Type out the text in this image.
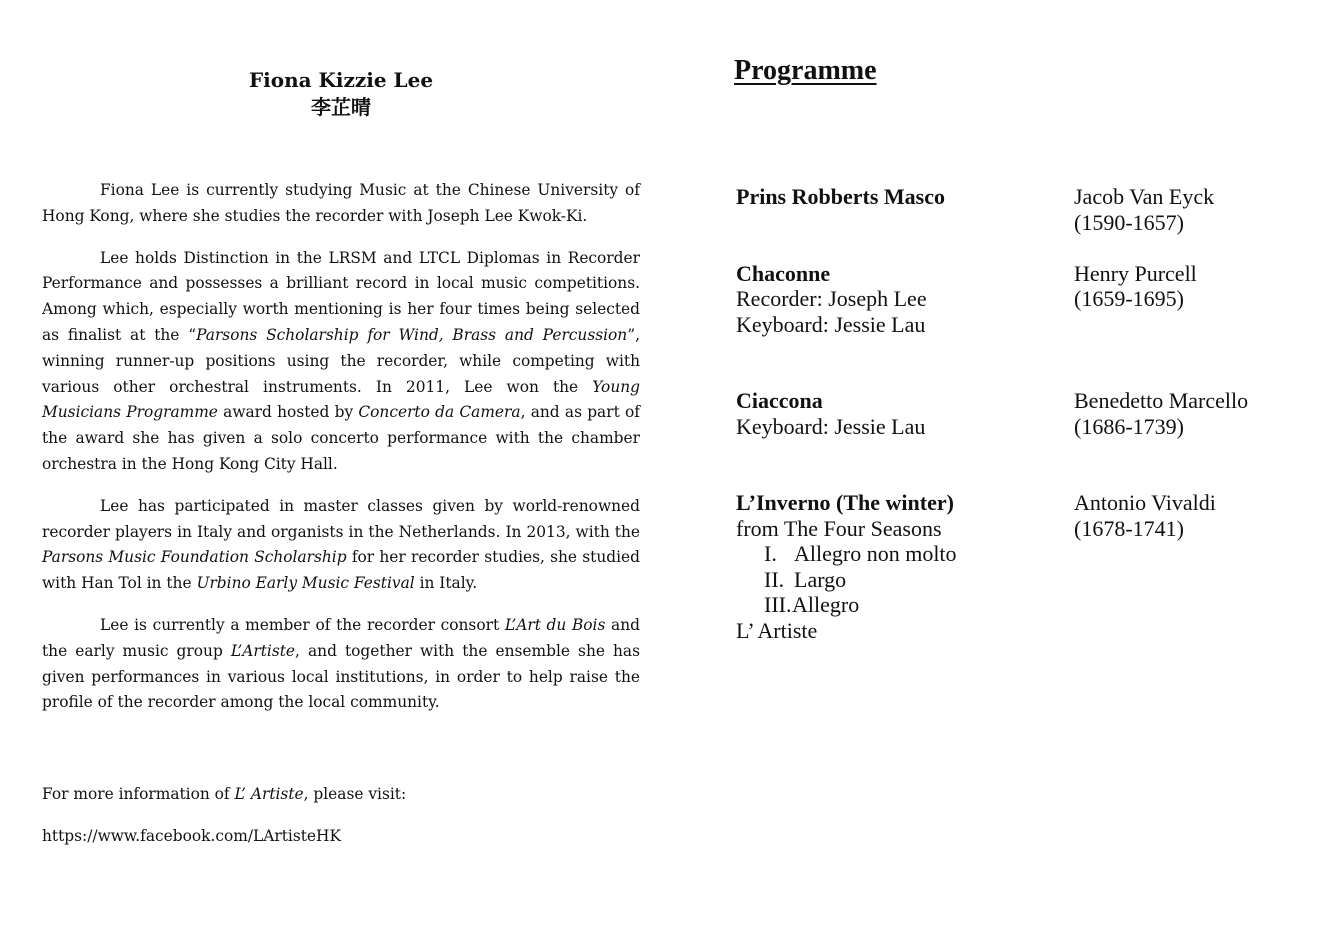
Fiona Kizzie Lee
李芷晴

Fiona Lee is currently studying Music at the Chinese University of Hong Kong, where she studies the recorder with Joseph Lee Kwok-Ki.

Lee holds Distinction in the LRSM and LTCL Diplomas in Recorder Performance and possesses a brilliant record in local music competitions. Among which, especially worth mentioning is her four times being selected as finalist at the “Parsons Scholarship for Wind, Brass and Percussion”, winning runner-up positions using the recorder, while competing with various other orchestral instruments. In 2011, Lee won the Young Musicians Programme award hosted by Concerto da Camera, and as part of the award she has given a solo concerto performance with the chamber orchestra in the Hong Kong City Hall.

Lee has participated in master classes given by world-renowned recorder players in Italy and organists in the Netherlands. In 2013, with the Parsons Music Foundation Scholarship for her recorder studies, she studied with Han Tol in the Urbino Early Music Festival in Italy.

Lee is currently a member of the recorder consort L’Art du Bois and the early music group L’Artiste, and together with the ensemble she has given performances in various local institutions, in order to help raise the profile of the recorder among the local community.

For more information of L’ Artiste, please visit:

https://www.facebook.com/LArtisteHK

Programme
Prins Robberts Masco	Jacob Van Eyck
(1590-1657)
Chaconne
Recorder: Joseph Lee
Keyboard: Jessie Lau
Henry Purcell
(1659-1695)
Ciaccona
Keyboard: Jessie Lau
Benedetto Marcello
(1686-1739)
L’Inverno (The winter)
from The Four Seasons
I. Allegro non molto
II. Largo
III. Allegro
L’ Artiste
Antonio Vivaldi
(1678-1741)
